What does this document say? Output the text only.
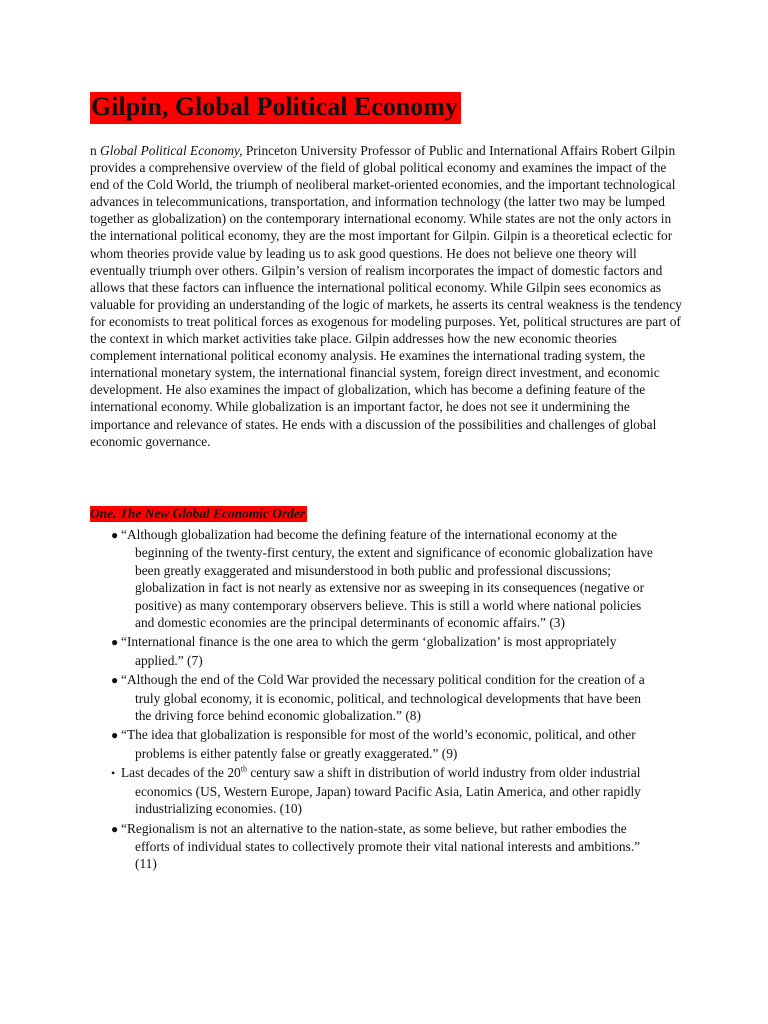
Gilpin, Global Political Economy

n Global Political Economy, Princeton University Professor of Public and International Affairs Robert Gilpin provides a comprehensive overview of the field of global political economy and examines the impact of the end of the Cold World, the triumph of neoliberal market-oriented economies, and the important technological advances in telecommunications, transportation, and information technology (the latter two may be lumped together as globalization) on the contemporary international economy. While states are not the only actors in the international political economy, they are the most important for Gilpin. Gilpin is a theoretical eclectic for whom theories provide value by leading us to ask good questions. He does not believe one theory will eventually triumph over others. Gilpin’s version of realism incorporates the impact of domestic factors and allows that these factors can influence the international political economy. While Gilpin sees economics as valuable for providing an understanding of the logic of markets, he asserts its central weakness is the tendency for economists to treat political forces as exogenous for modeling purposes. Yet, political structures are part of the context in which market activities take place. Gilpin addresses how the new economic theories complement international political economy analysis. He examines the international trading system, the international monetary system, the international financial system, foreign direct investment, and economic development. He also examines the impact of globalization, which has become a defining feature of the international economy. While globalization is an important factor, he does not see it undermining the importance and relevance of states. He ends with a discussion of the possibilities and challenges of global economic governance.

One. The New Global Economic Order
● “Although globalization had become the defining feature of the international economy at the beginning of the twenty-first century, the extent and significance of economic globalization have been greatly exaggerated and misunderstood in both public and professional discussions; globalization in fact is not nearly as extensive nor as sweeping in its consequences (negative or positive) as many contemporary observers believe. This is still a world where national policies and domestic economies are the principal determinants of economic affairs.” (3)
● “International finance is the one area to which the germ ‘globalization’ is most appropriately applied.” (7)
● “Although the end of the Cold War provided the necessary political condition for the creation of a truly global economy, it is economic, political, and technological developments that have been the driving force behind economic globalization.” (8)
● “The idea that globalization is responsible for most of the world’s economic, political, and other problems is either patently false or greatly exaggerated.” (9)
• Last decades of the 20th century saw a shift in distribution of world industry from older industrial economics (US, Western Europe, Japan) toward Pacific Asia, Latin America, and other rapidly industrializing economies. (10)
● “Regionalism is not an alternative to the nation-state, as some believe, but rather embodies the efforts of individual states to collectively promote their vital national interests and ambitions.” (11)
